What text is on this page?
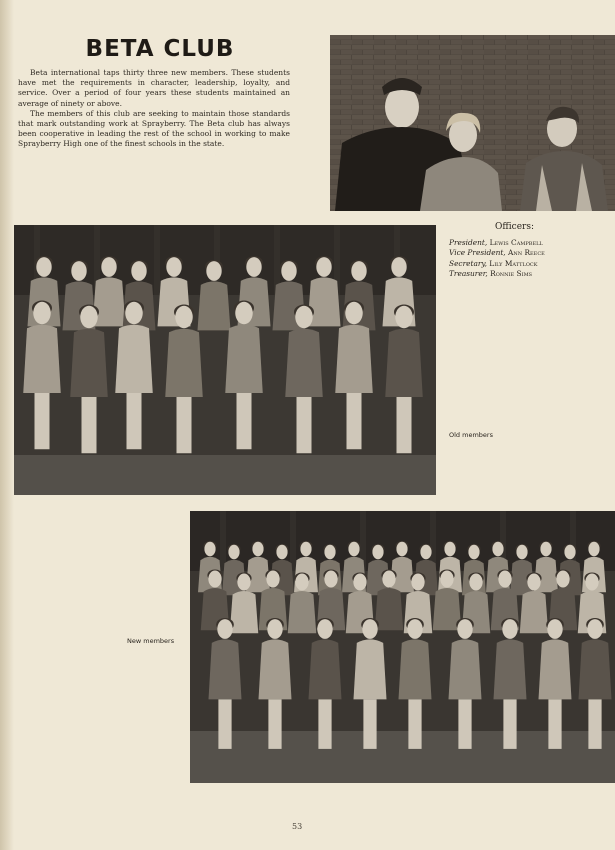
BETA CLUB

Beta international taps thirty three new members. These students have met the requirements in character, leadership, loyalty, and service. Over a period of four years these students maintained an average of ninety or above.

The members of this club are seeking to maintain those standards that mark outstanding work at Sprayberry. The Beta club has always been cooperative in leading the rest of the school in working to make Sprayberry High one of the finest schools in the state.

Officers:
President, Lewis Campbell
Vice President, Ann Reece
Secretary, Lily Mattlock
Treasurer, Ronnie Sims
Old members
New members
53
